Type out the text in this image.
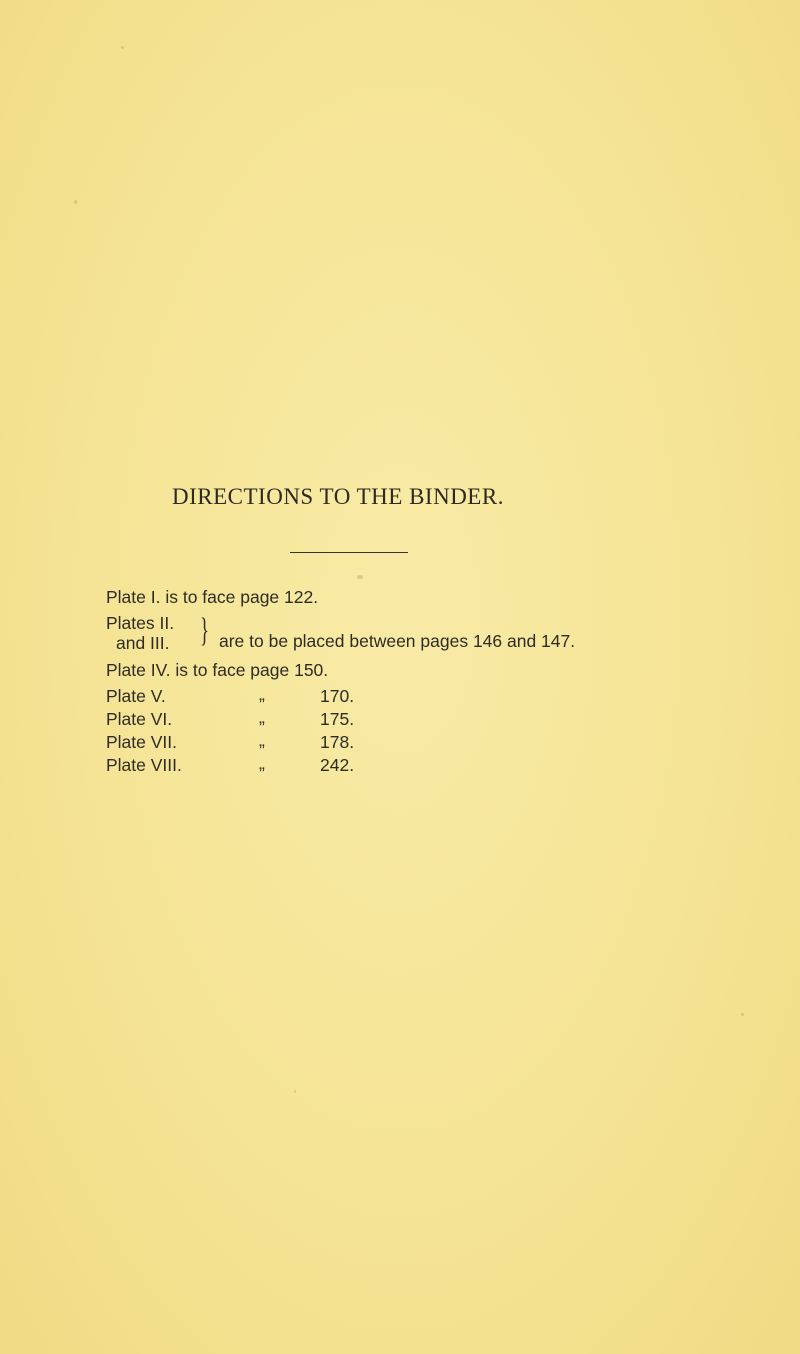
DIRECTIONS TO THE BINDER.
Plate I. is to face page 122.
Plates II.
and III. } are to be placed between pages 146 and 147.
Plate IV. is to face page 150.
Plate V.	„	170.
Plate VI.	„	175.
Plate VII.	„	178.
Plate VIII.	„	242.
